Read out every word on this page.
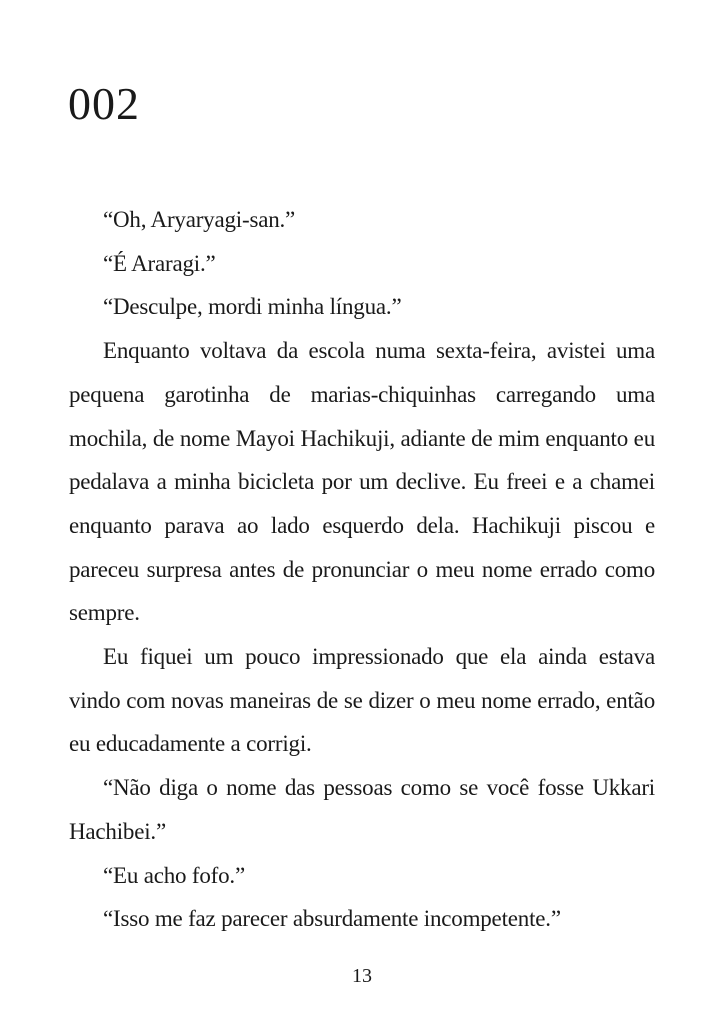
002

“Oh, Aryaryagi-san.”

“É Araragi.”

“Desculpe, mordi minha língua.”

Enquanto voltava da escola numa sexta-feira, avistei uma pequena garotinha de marias-chiquinhas carregando uma mochila, de nome Mayoi Hachikuji, adiante de mim enquanto eu pedalava a minha bicicleta por um declive. Eu freei e a chamei enquanto parava ao lado esquerdo dela. Hachikuji piscou e pareceu surpresa antes de pronunciar o meu nome errado como sempre.

Eu fiquei um pouco impressionado que ela ainda estava vindo com novas maneiras de se dizer o meu nome errado, então eu educadamente a corrigi.

“Não diga o nome das pessoas como se você fosse Ukkari Hachibei.”

“Eu acho fofo.”

“Isso me faz parecer absurdamente incompetente.”

13
